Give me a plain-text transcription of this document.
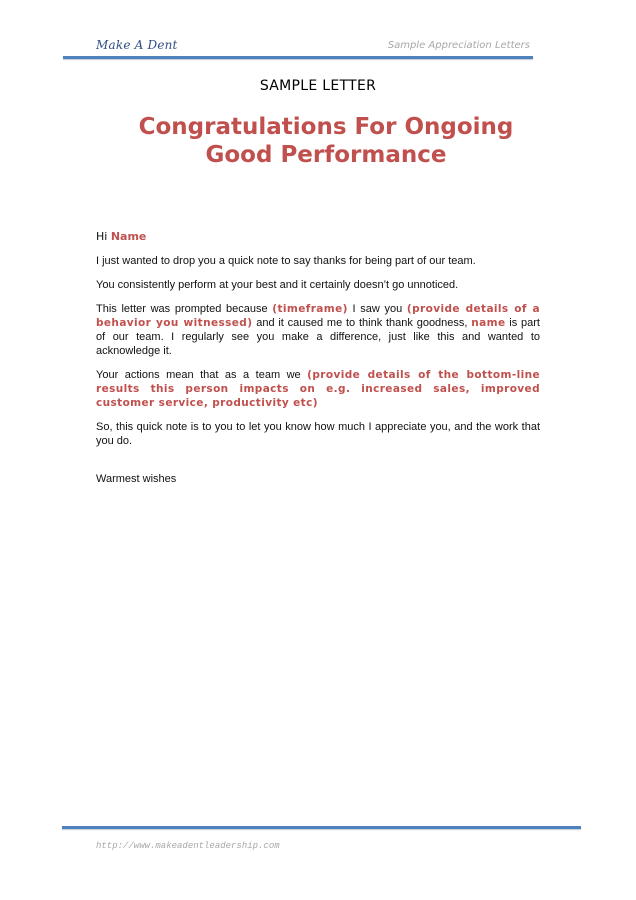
Make A Dent	Sample Appreciation Letters
SAMPLE LETTER
Congratulations For Ongoing
Good Performance

Hi Name

I just wanted to drop you a quick note to say thanks for being part of our team.

You consistently perform at your best and it certainly doesn’t go unnoticed.

This letter was prompted because (timeframe) I saw you (provide details of a behavior you witnessed) and it caused me to think thank goodness, name is part of our team. I regularly see you make a difference, just like this and wanted to acknowledge it.

Your actions mean that as a team we (provide details of the bottom-line results this person impacts on e.g. increased sales, improved customer service, productivity etc)

So, this quick note is to you to let you know how much I appreciate you, and the work that you do.

Warmest wishes

http://www.makeadentleadership.com
